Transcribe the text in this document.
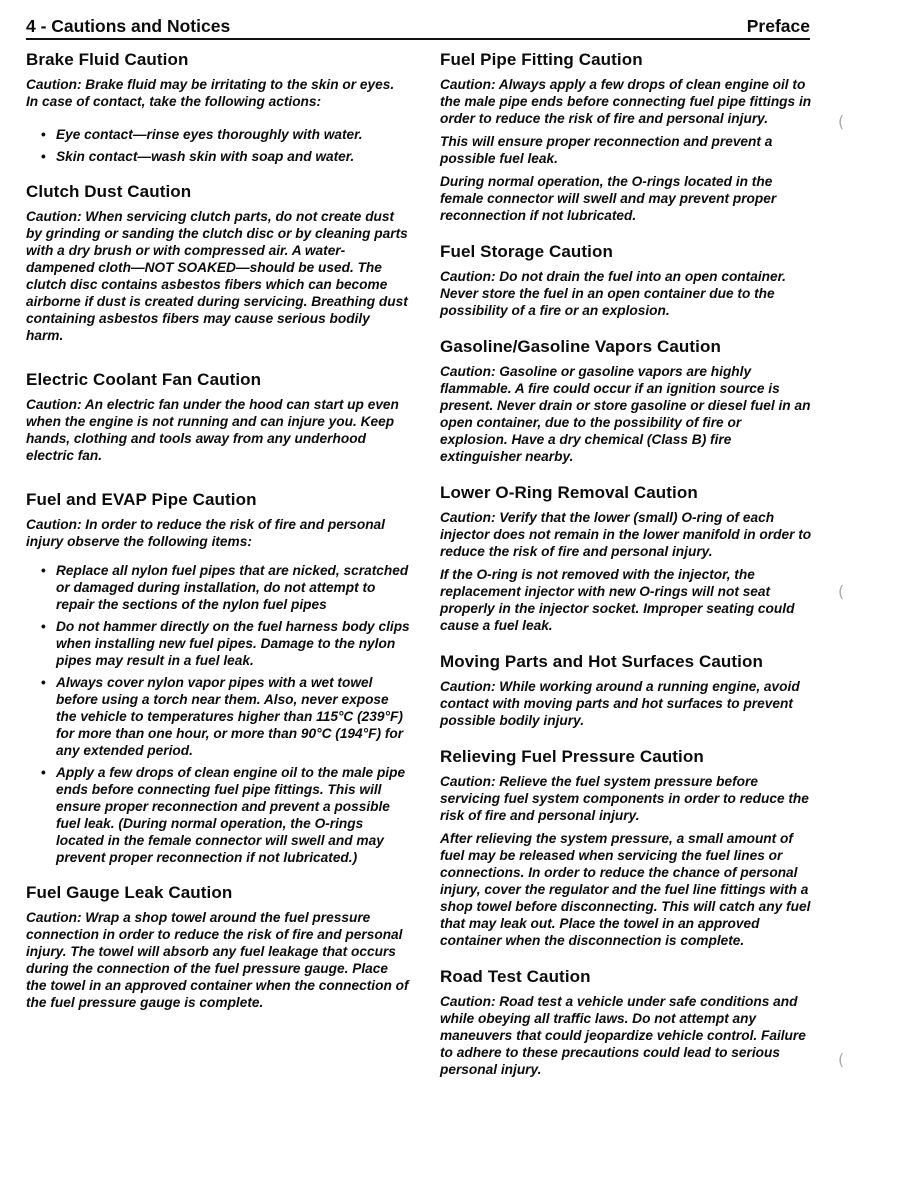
4 - Cautions and Notices	Preface
Brake Fluid Caution

Caution: Brake fluid may be irritating to the skin or eyes. In case of contact, take the following actions:

• Eye contact—rinse eyes thoroughly with water.
• Skin contact—wash skin with soap and water.
Clutch Dust Caution

Caution: When servicing clutch parts, do not create dust by grinding or sanding the clutch disc or by cleaning parts with a dry brush or with compressed air. A water-dampened cloth—NOT SOAKED—should be used. The clutch disc contains asbestos fibers which can become airborne if dust is created during servicing. Breathing dust containing asbestos fibers may cause serious bodily harm.

Electric Coolant Fan Caution

Caution: An electric fan under the hood can start up even when the engine is not running and can injure you. Keep hands, clothing and tools away from any underhood electric fan.

Fuel and EVAP Pipe Caution

Caution: In order to reduce the risk of fire and personal injury observe the following items:

• Replace all nylon fuel pipes that are nicked, scratched or damaged during installation, do not attempt to repair the sections of the nylon fuel pipes
• Do not hammer directly on the fuel harness body clips when installing new fuel pipes. Damage to the nylon pipes may result in a fuel leak.
• Always cover nylon vapor pipes with a wet towel before using a torch near them. Also, never expose the vehicle to temperatures higher than 115°C (239°F) for more than one hour, or more than 90°C (194°F) for any extended period.
• Apply a few drops of clean engine oil to the male pipe ends before connecting fuel pipe fittings. This will ensure proper reconnection and prevent a possible fuel leak. (During normal operation, the O-rings located in the female connector will swell and may prevent proper reconnection if not lubricated.)
Fuel Gauge Leak Caution

Caution: Wrap a shop towel around the fuel pressure connection in order to reduce the risk of fire and personal injury. The towel will absorb any fuel leakage that occurs during the connection of the fuel pressure gauge. Place the towel in an approved container when the connection of the fuel pressure gauge is complete.

Fuel Pipe Fitting Caution

Caution: Always apply a few drops of clean engine oil to the male pipe ends before connecting fuel pipe fittings in order to reduce the risk of fire and personal injury.

This will ensure proper reconnection and prevent a possible fuel leak.

During normal operation, the O-rings located in the female connector will swell and may prevent proper reconnection if not lubricated.

Fuel Storage Caution

Caution: Do not drain the fuel into an open container. Never store the fuel in an open container due to the possibility of a fire or an explosion.

Gasoline/Gasoline Vapors Caution

Caution: Gasoline or gasoline vapors are highly flammable. A fire could occur if an ignition source is present. Never drain or store gasoline or diesel fuel in an open container, due to the possibility of fire or explosion. Have a dry chemical (Class B) fire extinguisher nearby.

Lower O-Ring Removal Caution

Caution: Verify that the lower (small) O-ring of each injector does not remain in the lower manifold in order to reduce the risk of fire and personal injury.

If the O-ring is not removed with the injector, the replacement injector with new O-rings will not seat properly in the injector socket. Improper seating could cause a fuel leak.

Moving Parts and Hot Surfaces Caution

Caution: While working around a running engine, avoid contact with moving parts and hot surfaces to prevent possible bodily injury.

Relieving Fuel Pressure Caution

Caution: Relieve the fuel system pressure before servicing fuel system components in order to reduce the risk of fire and personal injury.

After relieving the system pressure, a small amount of fuel may be released when servicing the fuel lines or connections. In order to reduce the chance of personal injury, cover the regulator and the fuel line fittings with a shop towel before disconnecting. This will catch any fuel that may leak out. Place the towel in an approved container when the disconnection is complete.

Road Test Caution

Caution: Road test a vehicle under safe conditions and while obeying all traffic laws. Do not attempt any maneuvers that could jeopardize vehicle control. Failure to adhere to these precautions could lead to serious personal injury.

(
(
(
